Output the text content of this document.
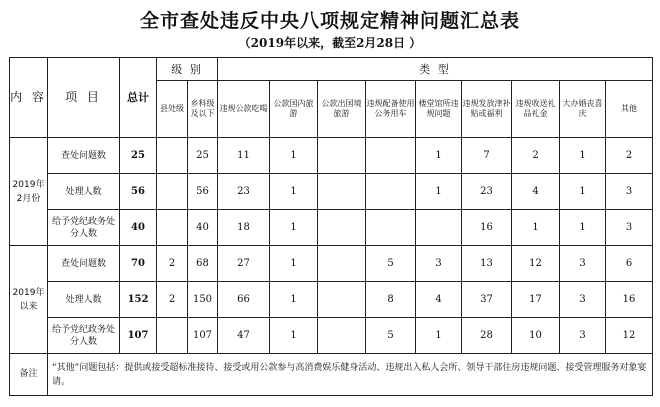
全市查处违反中央八项规定精神问题汇总表
（2019年以来，截至2月28日 ）
内 容	项 目	总计	级 别		类 型								
			县处级	乡科级及以下	违规公款吃喝	公款国内旅游	公款出国境旅游	违规配备使用公务用车	楼堂馆所违规问题	违规发放津补贴或福利	违规收送礼品礼金	大办婚丧喜庆	其他
2019年2月份	查处问题数	25		25	11	1			1	7	2	1	2
	处理人数	56		56	23	1			1	23	4	1	3
	给予党纪政务处分人数	40		40	18	1				16	1	1	3
2019年以来	查处问题数	70	2	68	27	1		5	3	13	12	3	6
	处理人数	152	2	150	66	1		8	4	37	17	3	16
	给予党纪政务处分人数	107		107	47	1		5	1	28	10	3	12
备注	“其他”问题包括：提供或接受超标准接待、接受或用公款参与高消费娱乐健身活动、违规出入私人会所、领导干部住房违规问题、接受管理服务对象宴请。												
